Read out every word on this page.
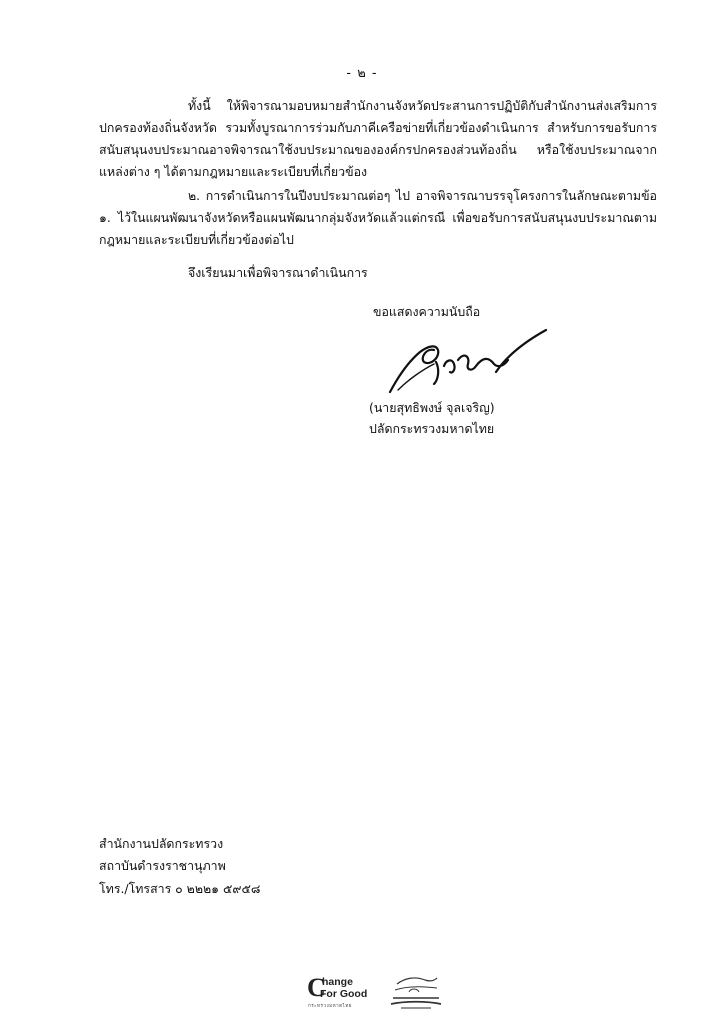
- ๒ -
ทั้งนี้ ให้พิจารณามอบหมายสำนักงานจังหวัดประสานการปฏิบัติกับสำนักงานส่งเสริมการปกครองท้องถิ่นจังหวัด รวมทั้งบูรณาการร่วมกับภาคีเครือข่ายที่เกี่ยวข้องดำเนินการ สำหรับการขอรับการสนับสนุนงบประมาณอาจพิจารณาใช้งบประมาณขององค์กรปกครองส่วนท้องถิ่น หรือใช้งบประมาณจากแหล่งต่าง ๆ ได้ตามกฎหมายและระเบียบที่เกี่ยวข้อง
๒. การดำเนินการในปีงบประมาณต่อๆ ไป อาจพิจารณาบรรจุโครงการในลักษณะตามข้อ ๑. ไว้ในแผนพัฒนาจังหวัดหรือแผนพัฒนากลุ่มจังหวัดแล้วแต่กรณี เพื่อขอรับการสนับสนุนงบประมาณตามกฎหมายและระเบียบที่เกี่ยวข้องต่อไป
จึงเรียนมาเพื่อพิจารณาดำเนินการ
ขอแสดงความนับถือ
(นายสุทธิพงษ์ จุลเจริญ)
ปลัดกระทรวงมหาดไทย
สำนักงานปลัดกระทรวง
สถาบันดำรงราชานุภาพ
โทร./โทรสาร ๐ ๒๒๒๑ ๕๙๕๘
C
hange
For Good
กระทรวงมหาดไทย
